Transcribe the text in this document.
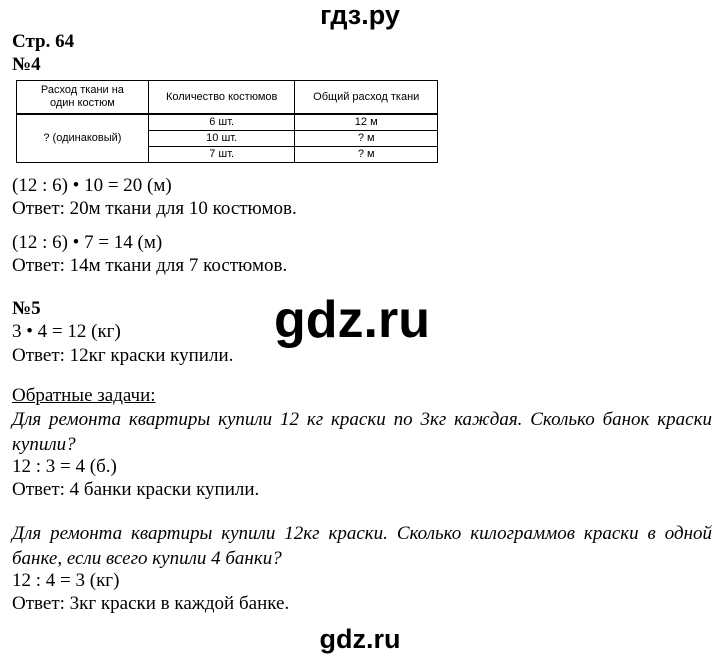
гдз.ру
Стр. 64
№4
Расход ткани на один костюм	Количество костюмов	Общий расход ткани
? (одинаковый)	6 шт.	12 м
	10 шт.	? м
	7 шт.	? м
(12 : 6) • 10 = 20 (м)
Ответ: 20м ткани для 10 костюмов.
(12 : 6) • 7 = 14 (м)
Ответ: 14м ткани для 7 костюмов.
gdz.ru
№5
3 • 4 = 12 (кг)
Ответ: 12кг краски купили.
Обратные задачи:
Для ремонта квартиры купили 12 кг краски по 3кг каждая. Сколько банок краски купили?
12 : 3 = 4 (б.)
Ответ: 4 банки краски купили.
Для ремонта квартиры купили 12кг краски. Сколько килограммов краски в одной банке, если всего купили 4 банки?
12 : 4 = 3 (кг)
Ответ: 3кг краски в каждой банке.
gdz.ru
